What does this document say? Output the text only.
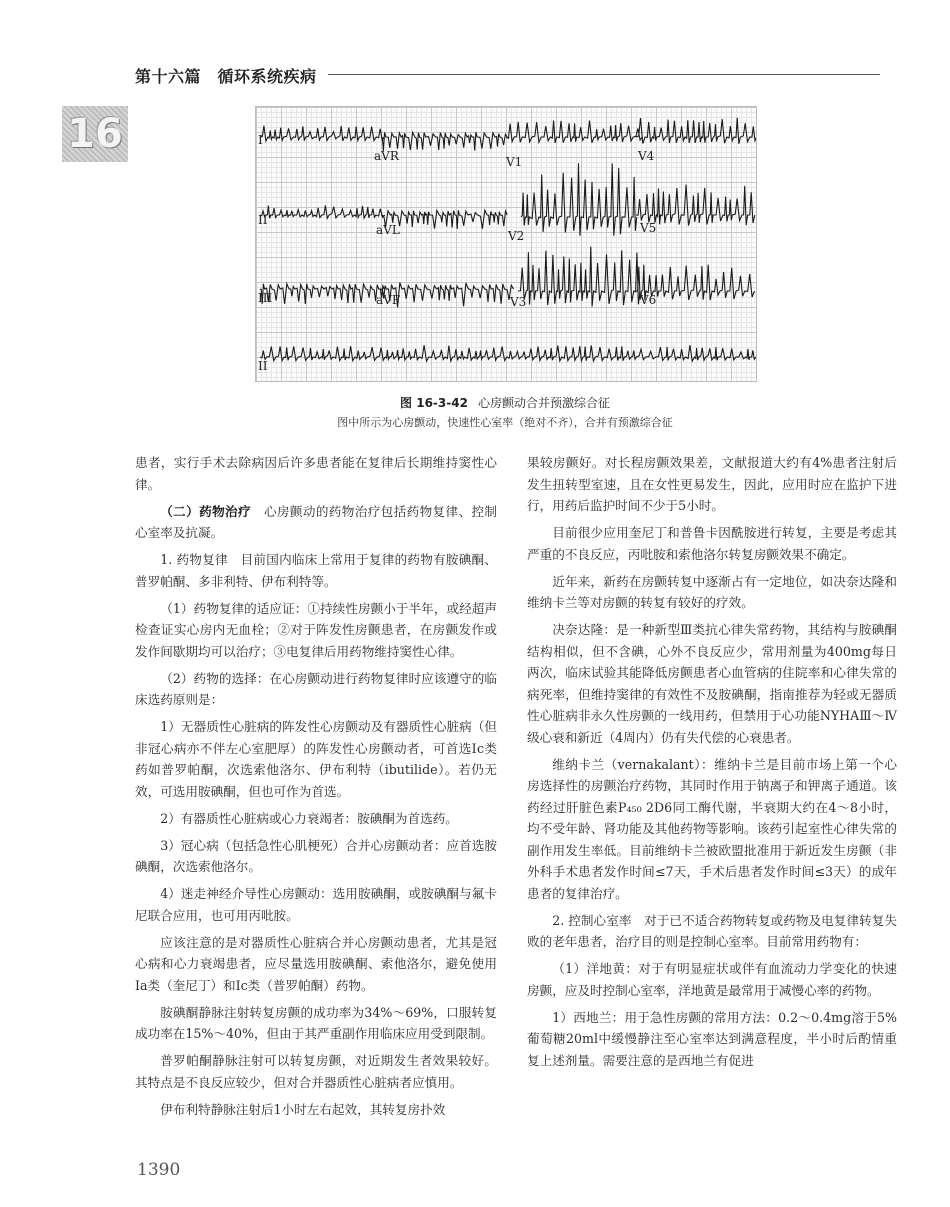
第十六篇　循环系统疾病
16	I
II
III
aVR
aVL
aVF
V1
V2
V3
V4
V5
V6
II
图 16-3-42 心房颤动合并预激综合征
图中所示为心房颤动，快速性心室率（绝对不齐），合并有预激综合征

患者，实行手术去除病因后许多患者能在复律后长期维持窦性心律。

（二）药物治疗　心房颤动的药物治疗包括药物复律、控制心室率及抗凝。

1. 药物复律　目前国内临床上常用于复律的药物有胺碘酮、普罗帕酮、多非利特、伊布利特等。

（1）药物复律的适应证：①持续性房颤小于半年，或经超声检查证实心房内无血栓；②对于阵发性房颤患者，在房颤发作或发作间歇期均可以治疗；③电复律后用药物维持窦性心律。

（2）药物的选择：在心房颤动进行药物复律时应该遵守的临床选药原则是：

1）无器质性心脏病的阵发性心房颤动及有器质性心脏病（但非冠心病亦不伴左心室肥厚）的阵发性心房颤动者，可首选Ⅰc类药如普罗帕酮，次选索他洛尔、伊布利特（ibutilide）。若仍无效，可选用胺碘酮，但也可作为首选。

2）有器质性心脏病或心力衰竭者：胺碘酮为首选药。

3）冠心病（包括急性心肌梗死）合并心房颤动者：应首选胺碘酮，次选索他洛尔。

4）迷走神经介导性心房颤动：选用胺碘酮，或胺碘酮与氟卡尼联合应用，也可用丙吡胺。

应该注意的是对器质性心脏病合并心房颤动患者，尤其是冠心病和心力衰竭患者，应尽量选用胺碘酮、索他洛尔，避免使用Ⅰa类（奎尼丁）和Ⅰc类（普罗帕酮）药物。

胺碘酮静脉注射转复房颤的成功率为34%～69%，口服转复成功率在15%～40%，但由于其严重副作用临床应用受到限制。

普罗帕酮静脉注射可以转复房颤，对近期发生者效果较好。其特点是不良反应较少，但对合并器质性心脏病者应慎用。

伊布利特静脉注射后1小时左右起效，其转复房扑效

果较房颤好。对长程房颤效果差，文献报道大约有4%患者注射后发生扭转型室速，且在女性更易发生，因此，应用时应在监护下进行，用药后监护时间不少于5小时。

目前很少应用奎尼丁和普鲁卡因酰胺进行转复，主要是考虑其严重的不良反应，丙吡胺和索他洛尔转复房颤效果不确定。

近年来，新药在房颤转复中逐渐占有一定地位，如决奈达隆和维纳卡兰等对房颤的转复有较好的疗效。

决奈达隆：是一种新型Ⅲ类抗心律失常药物，其结构与胺碘酮结构相似，但不含碘，心外不良反应少，常用剂量为400mg每日两次，临床试验其能降低房颤患者心血管病的住院率和心律失常的病死率，但维持窦律的有效性不及胺碘酮，指南推荐为轻或无器质性心脏病非永久性房颤的一线用药，但禁用于心功能NYHAⅢ～Ⅳ级心衰和新近（4周内）仍有失代偿的心衰患者。

维纳卡兰（vernakalant）：维纳卡兰是目前市场上第一个心房选择性的房颤治疗药物，其同时作用于钠离子和钾离子通道。该药经过肝脏色素P₄₅₀ 2D6同工酶代谢，半衰期大约在4～8小时，均不受年龄、肾功能及其他药物等影响。该药引起室性心律失常的副作用发生率低。目前维纳卡兰被欧盟批准用于新近发生房颤（非外科手术患者发作时间≤7天，手术后患者发作时间≤3天）的成年患者的复律治疗。

2. 控制心室率　对于已不适合药物转复或药物及电复律转复失败的老年患者，治疗目的则是控制心室率。目前常用药物有：

（1）洋地黄：对于有明显症状或伴有血流动力学变化的快速房颤，应及时控制心室率，洋地黄是最常用于减慢心率的药物。

1）西地兰：用于急性房颤的常用方法：0.2～0.4mg溶于5%葡萄糖20ml中缓慢静注至心室率达到满意程度，半小时后酌情重复上述剂量。需要注意的是西地兰有促进

1390
